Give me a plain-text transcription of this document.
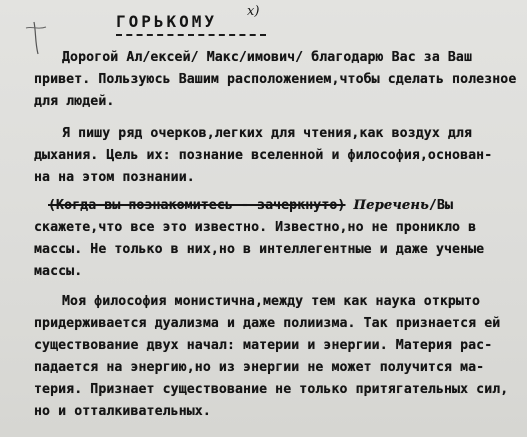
ГОРЬКОМУ
x)
Дорогой Ал/ексей/ Макс/имович/ благодарю Вас за Ваш
привет. Пользуюсь Вашим расположением,чтобы сделать полезное
для людей.
Я пишу ряд очерков,легких для чтения,как воздух для
дыхания. Цель их: познание вселенной и философия,основан-
на на этом познании.
(Когда вы познакомитесь - зачеркнуто) Перечень/Вы
скажете,что все это известно. Известно,но не проникло в
массы. Не только в них,но в интеллегентные и даже ученые
массы.
Моя философия монистична,между тем как наука открыто
придерживается дуализма и даже полиизма. Так признается ей
существование двух начал: материи и энергии. Материя рас-
падается на энергию,но из энергии не может получится ма-
терия. Признает существование не только притягательных сил,
но и отталкивательных.
